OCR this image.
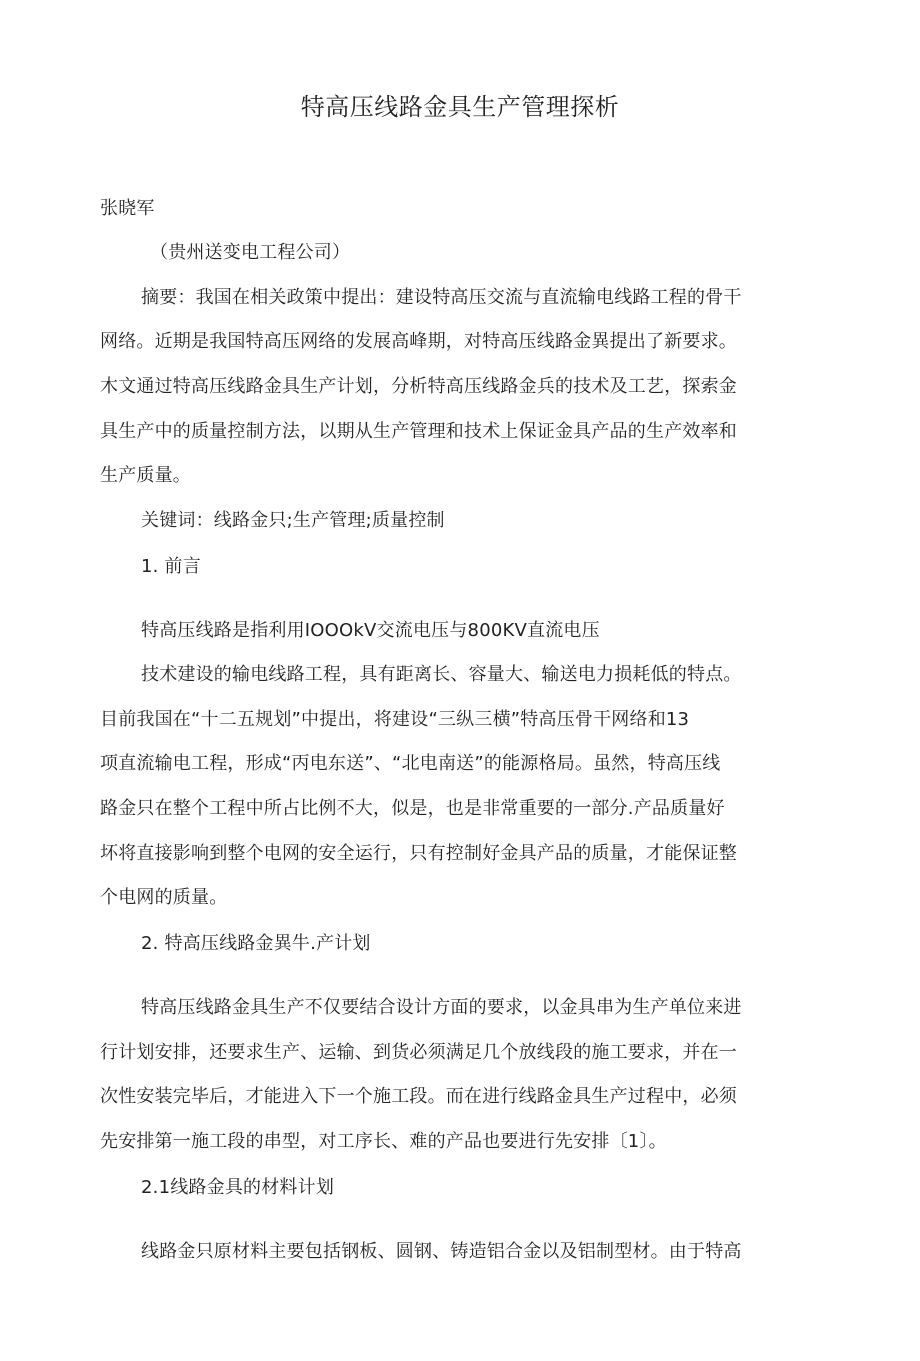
特高压线路金具生产管理探析
张晓军
（贵州送变电工程公司）
摘要：我国在相关政策中提出：建设特高压交流与直流输电线路工程的骨干
网络。近期是我国特高压网络的发展高峰期，对特高压线路金異提出了新要求。
木文通过特高压线路金具生产计划，分析特高压线路金兵的技术及工艺，探索金
具生产中的质量控制方法，以期从生产管理和技术上保证金具产品的生产效率和
生产质量。
关键词：线路金只;生产管理;质量控制
1. 前言
特高压线路是指利用IOOOkV交流电压与800KV直流电压
技术建设的输电线路工程，具有距离长、容量大、输送电力损耗低的特点。
目前我国在“十二五规划”中提出，将建设“三纵三横”特高压骨干网络和13
项直流输电工程，形成“丙电东送”、“北电南送”的能源格局。虽然，特高压线
路金只在整个工程中所占比例不大，似是，也是非常重要的一部分.产品质量好
坏将直接影响到整个电网的安全运行，只有控制好金具产品的质量，才能保证整
个电网的质量。
2. 特高压线路金異牛.产计划
特高压线路金具生产不仅要结合设计方面的要求，以金具串为生产单位来进
行计划安排，还要求生产、运输、到货必须满足几个放线段的施工要求，并在一
次性安装完毕后，才能进入下一个施工段。而在进行线路金具生产过程中，必须
先安排第一施工段的串型，对工序长、难的产品也要进行先安排〔1〕。
2.1线路金具的材料计划
线路金只原材料主要包括钢板、圆钢、铸造铝合金以及铝制型材。由于特高
